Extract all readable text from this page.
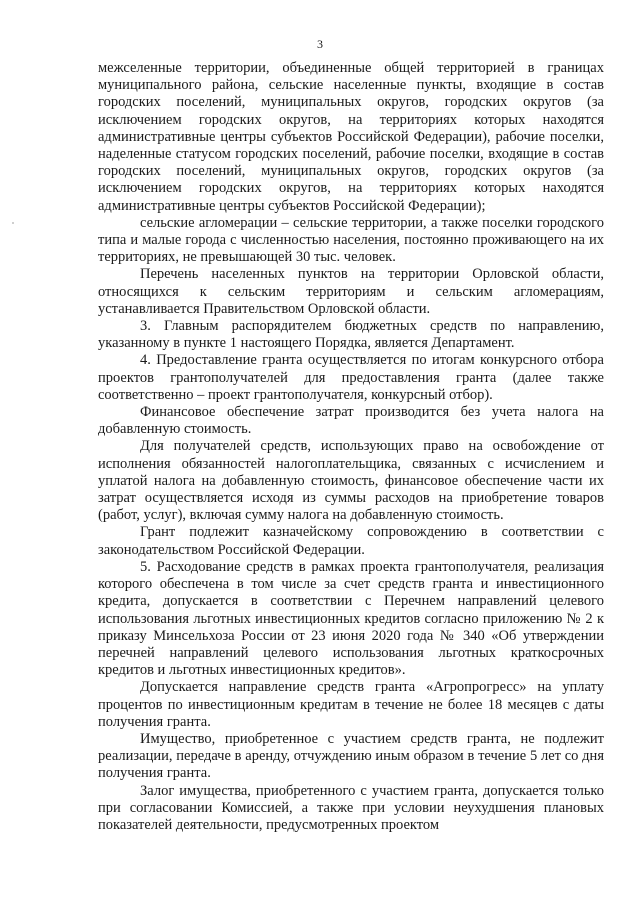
3

межселенные территории, объединенные общей территорией в границах муниципального района, сельские населенные пункты, входящие в состав городских поселений, муниципальных округов, городских округов (за исключением городских округов, на территориях которых находятся административные центры субъектов Российской Федерации), рабочие поселки, наделенные статусом городских поселений, рабочие поселки, входящие в состав городских поселений, муниципальных округов, городских округов (за исключением городских округов, на территориях которых находятся административные центры субъектов Российской Федерации);

сельские агломерации – сельские территории, а также поселки городского типа и малые города с численностью населения, постоянно проживающего на их территориях, не превышающей 30 тыс. человек.

Перечень населенных пунктов на территории Орловской области, относящихся к сельским территориям и сельским агломерациям, устанавливается Правительством Орловской области.

3. Главным распорядителем бюджетных средств по направлению, указанному в пункте 1 настоящего Порядка, является Департамент.

4. Предоставление гранта осуществляется по итогам конкурсного отбора проектов грантополучателей для предоставления гранта (далее также соответственно – проект грантополучателя, конкурсный отбор).

Финансовое обеспечение затрат производится без учета налога на добавленную стоимость.

Для получателей средств, использующих право на освобождение от исполнения обязанностей налогоплательщика, связанных с исчислением и уплатой налога на добавленную стоимость, финансовое обеспечение части их затрат осуществляется исходя из суммы расходов на приобретение товаров (работ, услуг), включая сумму налога на добавленную стоимость.

Грант подлежит казначейскому сопровождению в соответствии с законодательством Российской Федерации.

5. Расходование средств в рамках проекта грантополучателя, реализация которого обеспечена в том числе за счет средств гранта и инвестиционного кредита, допускается в соответствии с Перечнем направлений целевого использования льготных инвестиционных кредитов согласно приложению № 2 к приказу Минсельхоза России от 23 июня 2020 года № 340 «Об утверждении перечней направлений целевого использования льготных краткосрочных кредитов и льготных инвестиционных кредитов».

Допускается направление средств гранта «Агропрогресс» на уплату процентов по инвестиционным кредитам в течение не более 18 месяцев с даты получения гранта.

Имущество, приобретенное с участием средств гранта, не подлежит реализации, передаче в аренду, отчуждению иным образом в течение 5 лет со дня получения гранта.

Залог имущества, приобретенного с участием гранта, допускается только при согласовании Комиссией, а также при условии неухудшения плановых показателей деятельности, предусмотренных проектом
